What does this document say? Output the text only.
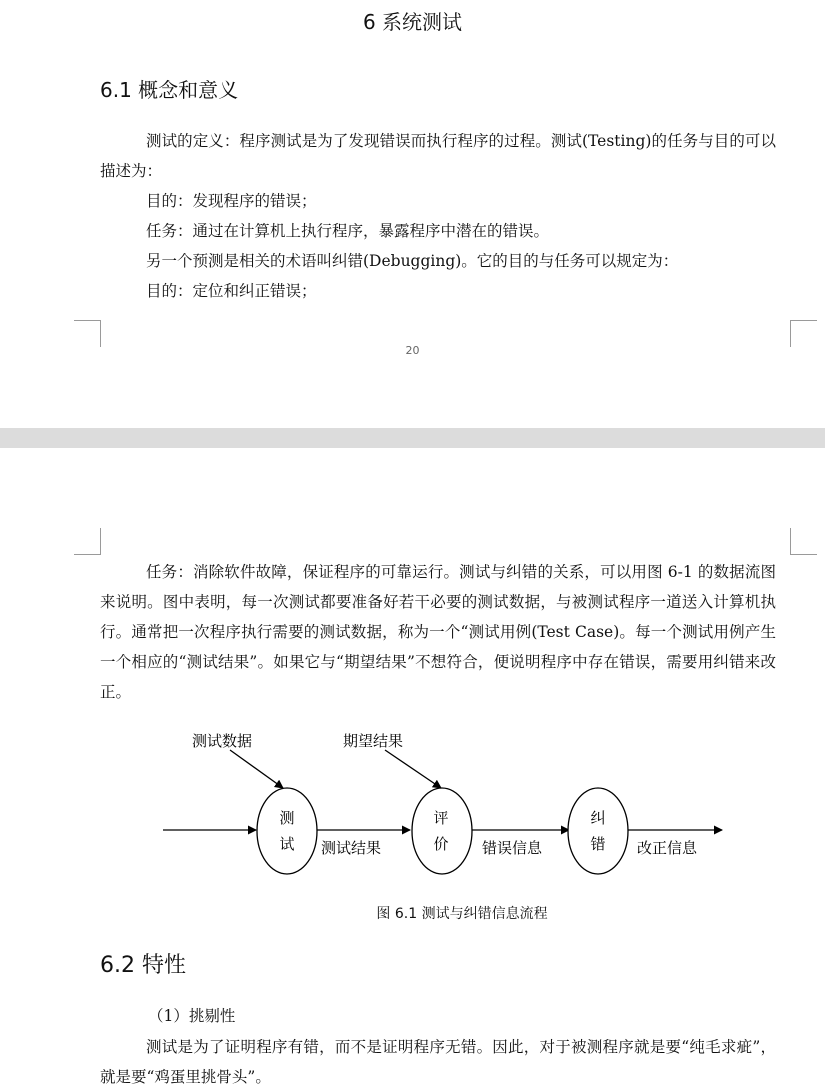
6 系统测试
6.1 概念和意义

测试的定义：程序测试是为了发现错误而执行程序的过程。测试(Testing)的任务与目的可以描述为：

目的：发现程序的错误；
任务：通过在计算机上执行程序，暴露程序中潜在的错误。
另一个预测是相关的术语叫纠错(Debugging)。它的目的与任务可以规定为：
目的：定位和纠正错误；
20

任务：消除软件故障，保证程序的可靠运行。测试与纠错的关系，可以用图 6-1 的数据流图来说明。图中表明，每一次测试都要准备好若干必要的测试数据，与被测试程序一道送入计算机执行。通常把一次程序执行需要的测试数据，称为一个“测试用例(Test Case)。每一个测试用例产生一个相应的“测试结果”。如果它与“期望结果”不想符合，便说明程序中存在错误，需要用纠错来改正。

测
试
评
价
纠
错
测试数据	期望结果
测试结果	错误信息	改正信息
图 6.1 测试与纠错信息流程
6.2 特性
（1）挑剔性

测试是为了证明程序有错，而不是证明程序无错。因此，对于被测程序就是要“纯毛求疵”，就是要“鸡蛋里挑骨头”。
